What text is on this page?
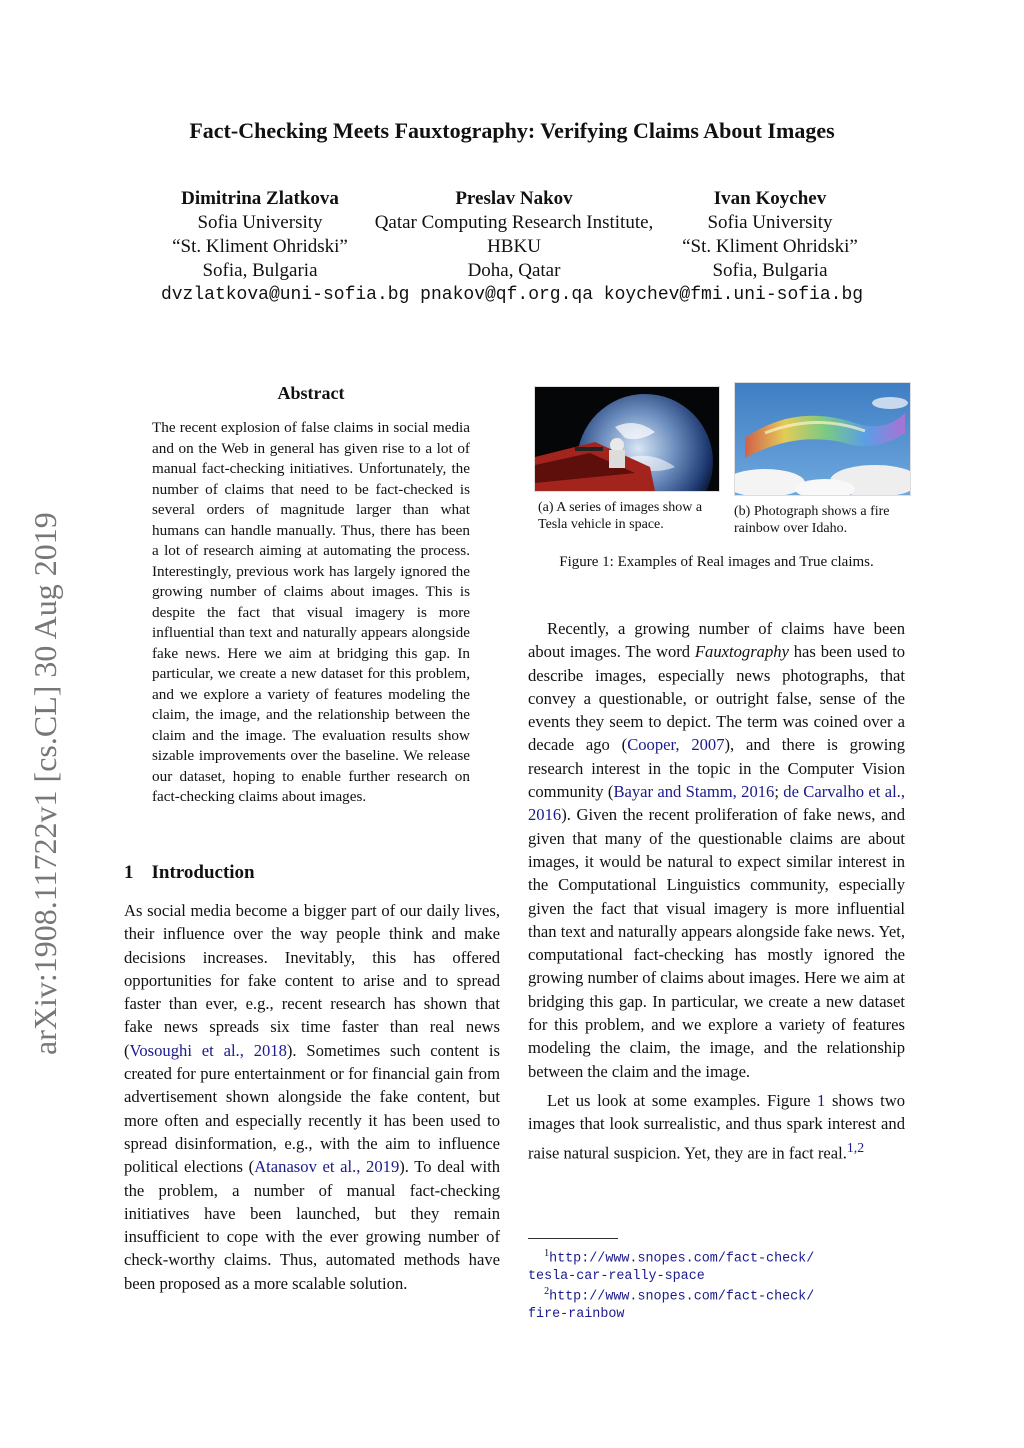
Fact-Checking Meets Fauxtography: Verifying Claims About Images
Dimitrina Zlatkova
Sofia University
“St. Kliment Ohridski”
Sofia, Bulgaria
Preslav Nakov
Qatar Computing Research Institute,
HBKU
Doha, Qatar
Ivan Koychev
Sofia University
“St. Kliment Ohridski”
Sofia, Bulgaria
dvzlatkova@uni-sofia.bg pnakov@qf.org.qa koychev@fmi.uni-sofia.bg
arXiv:1908.11722v1 [cs.CL] 30 Aug 2019
Abstract
The recent explosion of false claims in social media and on the Web in general has given rise to a lot of manual fact-checking initiatives. Unfortunately, the number of claims that need to be fact-checked is several orders of magnitude larger than what humans can handle manually. Thus, there has been a lot of research aiming at automating the process. Interestingly, previous work has largely ignored the growing number of claims about images. This is despite the fact that visual imagery is more influential than text and naturally appears alongside fake news. Here we aim at bridging this gap. In particular, we create a new dataset for this problem, and we explore a variety of features modeling the claim, the image, and the relationship between the claim and the image. The evaluation results show sizable improvements over the baseline. We release our dataset, hoping to enable further research on fact-checking claims about images.
1 Introduction

As social media become a bigger part of our daily lives, their influence over the way people think and make decisions increases. Inevitably, this has offered opportunities for fake content to arise and to spread faster than ever, e.g., recent research has shown that fake news spreads six time faster than real news (Vosoughi et al., 2018). Sometimes such content is created for pure entertainment or for financial gain from advertisement shown alongside the fake content, but more often and especially recently it has been used to spread disinformation, e.g., with the aim to influence political elections (Atanasov et al., 2019). To deal with the problem, a number of manual fact-checking initiatives have been launched, but they remain insufficient to cope with the ever growing number of check-worthy claims. Thus, automated methods have been proposed as a more scalable solution.

(a) A series of images show a Tesla vehicle in space.
(b) Photograph shows a fire rainbow over Idaho.
Figure 1: Examples of Real images and True claims.

Recently, a growing number of claims have been about images. The word Fauxtography has been used to describe images, especially news photographs, that convey a questionable, or outright false, sense of the events they seem to depict. The term was coined over a decade ago (Cooper, 2007), and there is growing research interest in the topic in the Computer Vision community (Bayar and Stamm, 2016; de Carvalho et al., 2016). Given the recent proliferation of fake news, and given that many of the questionable claims are about images, it would be natural to expect similar interest in the Computational Linguistics community, especially given the fact that visual imagery is more influential than text and naturally appears alongside fake news. Yet, computational fact-checking has mostly ignored the growing number of claims about images. Here we aim at bridging this gap. In particular, we create a new dataset for this problem, and we explore a variety of features modeling the claim, the image, and the relationship between the claim and the image.

Let us look at some examples. Figure 1 shows two images that look surrealistic, and thus spark interest and raise natural suspicion. Yet, they are in fact real.$^{1,2}$

$^1$http://www.snopes.com/fact-check/
tesla-car-really-space
$^2$http://www.snopes.com/fact-check/
fire-rainbow
